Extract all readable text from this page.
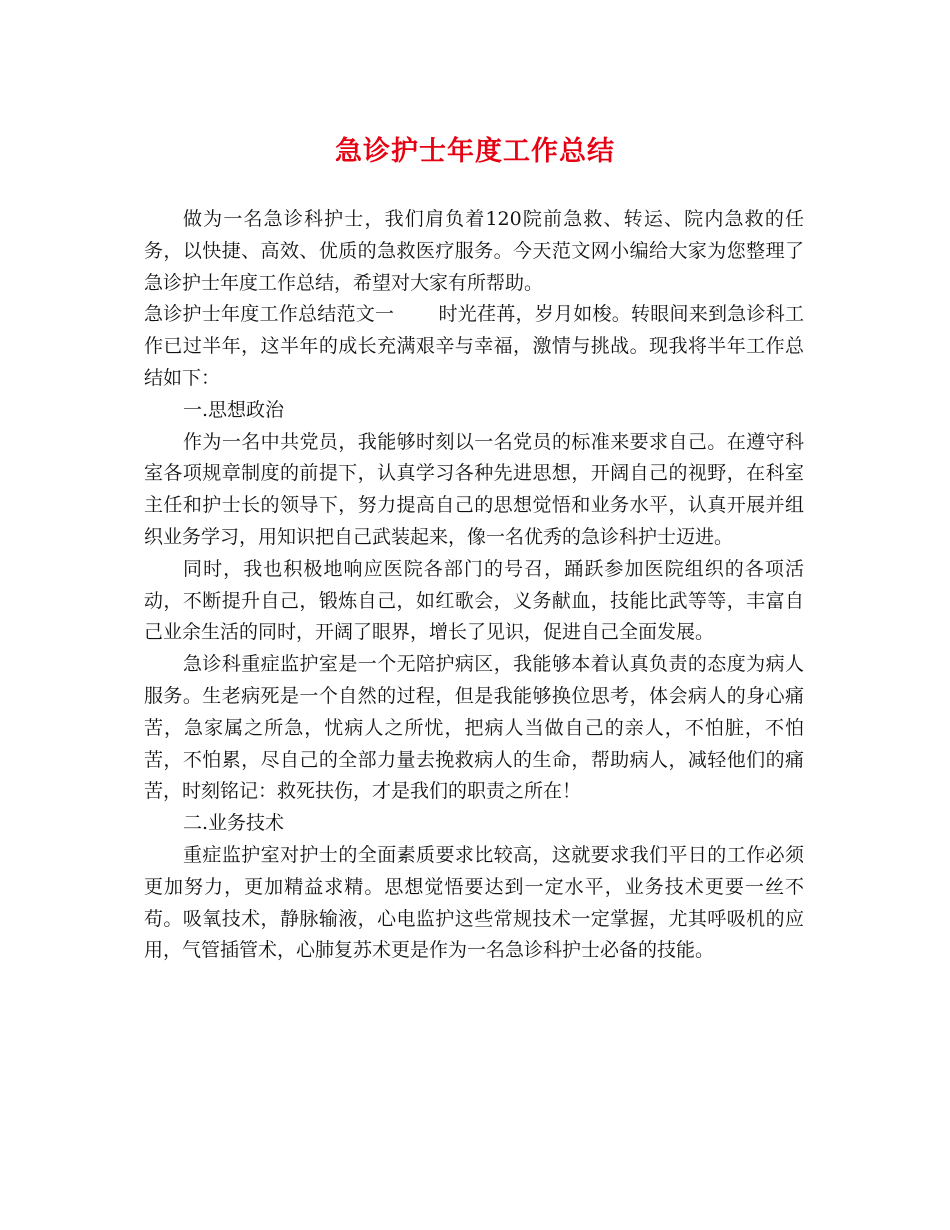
急诊护士年度工作总结

做为一名急诊科护士，我们肩负着120院前急救、转运、院内急救的任务，以快捷、高效、优质的急救医疗服务。今天范文网小编给大家为您整理了急诊护士年度工作总结，希望对大家有所帮助。

急诊护士年度工作总结范文一 时光荏苒，岁月如梭。转眼间来到急诊科工作已过半年，这半年的成长充满艰辛与幸福，激情与挑战。现我将半年工作总结如下：

一.思想政治

作为一名中共党员，我能够时刻以一名党员的标准来要求自己。在遵守科室各项规章制度的前提下，认真学习各种先进思想，开阔自己的视野，在科室主任和护士长的领导下，努力提高自己的思想觉悟和业务水平，认真开展并组织业务学习，用知识把自己武装起来，像一名优秀的急诊科护士迈进。

同时，我也积极地响应医院各部门的号召，踊跃参加医院组织的各项活动，不断提升自己，锻炼自己，如红歌会，义务献血，技能比武等等，丰富自己业余生活的同时，开阔了眼界，增长了见识，促进自己全面发展。

急诊科重症监护室是一个无陪护病区，我能够本着认真负责的态度为病人服务。生老病死是一个自然的过程，但是我能够换位思考，体会病人的身心痛苦，急家属之所急，忧病人之所忧，把病人当做自己的亲人，不怕脏，不怕苦，不怕累，尽自己的全部力量去挽救病人的生命，帮助病人，减轻他们的痛苦，时刻铭记：救死扶伤，才是我们的职责之所在！

二.业务技术

重症监护室对护士的全面素质要求比较高，这就要求我们平日的工作必须更加努力，更加精益求精。思想觉悟要达到一定水平，业务技术更要一丝不苟。吸氧技术，静脉输液，心电监护这些常规技术一定掌握，尤其呼吸机的应用，气管插管术，心肺复苏术更是作为一名急诊科护士必备的技能。
